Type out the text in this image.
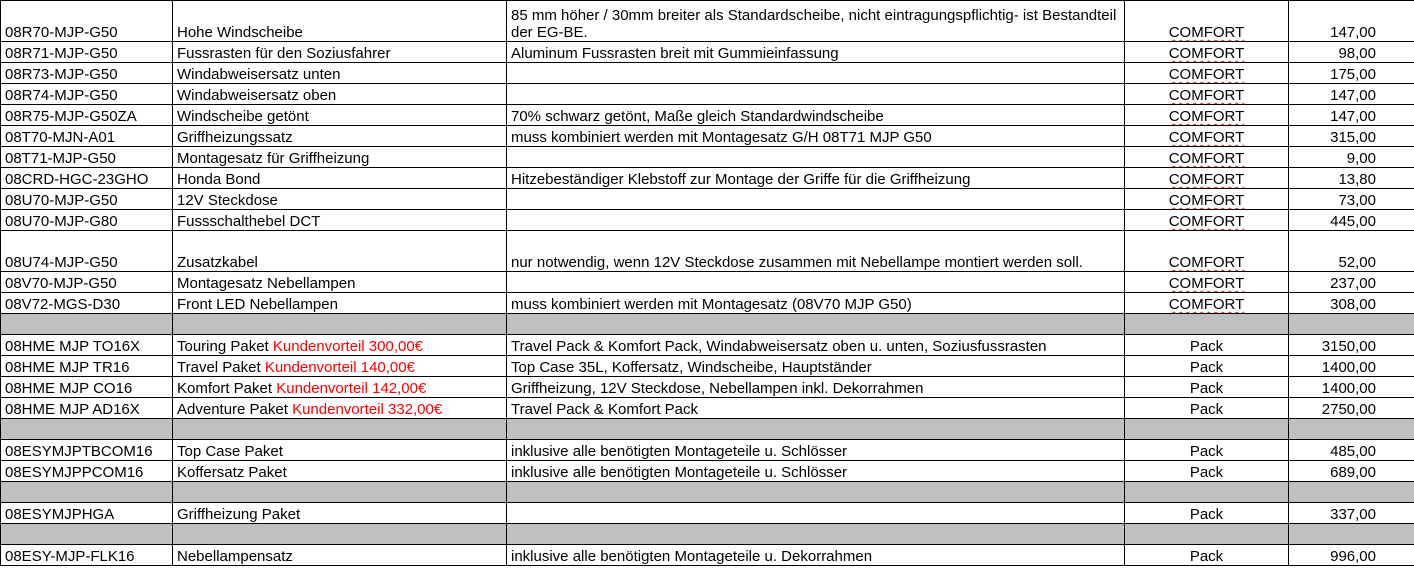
08R70-MJP-G50	Hohe Windscheibe	85 mm höher / 30mm breiter als Standardscheibe, nicht eintragungspflichtig- ist Bestandteil der EG-BE.	COMFORT	147,00
08R71-MJP-G50	Fussrasten für den Soziusfahrer	Aluminum Fussrasten breit mit Gummieinfassung	COMFORT	98,00
08R73-MJP-G50	Windabweisersatz unten		COMFORT	175,00
08R74-MJP-G50	Windabweisersatz oben		COMFORT	147,00
08R75-MJP-G50ZA	Windscheibe getönt	70% schwarz getönt, Maße gleich Standardwindscheibe	COMFORT	147,00
08T70-MJN-A01	Griffheizungssatz	muss kombiniert werden mit Montagesatz G/H 08T71 MJP G50	COMFORT	315,00
08T71-MJP-G50	Montagesatz für Griffheizung		COMFORT	9,00
08CRD-HGC-23GHO	Honda Bond	Hitzebeständiger Klebstoff zur Montage der Griffe für die Griffheizung	COMFORT	13,80
08U70-MJP-G50	12V Steckdose		COMFORT	73,00
08U70-MJP-G80	Fussschalthebel DCT		COMFORT	445,00
08U74-MJP-G50	Zusatzkabel	nur notwendig, wenn 12V Steckdose zusammen mit Nebellampe montiert werden soll.	COMFORT	52,00
08V70-MJP-G50	Montagesatz Nebellampen		COMFORT	237,00
08V72-MGS-D30	Front LED Nebellampen	muss kombiniert werden mit Montagesatz (08V70 MJP G50)	COMFORT	308,00

08HME MJP TO16X	Touring Paket Kundenvorteil 300,00€	Travel Pack & Komfort Pack, Windabweisersatz oben u. unten, Soziusfussrasten	Pack	3150,00
08HME MJP TR16	Travel Paket Kundenvorteil 140,00€	Top Case 35L, Koffersatz, Windscheibe, Hauptständer	Pack	1400,00
08HME MJP CO16	Komfort Paket Kundenvorteil 142,00€	Griffheizung, 12V Steckdose, Nebellampen inkl. Dekorrahmen	Pack	1400,00
08HME MJP AD16X	Adventure Paket Kundenvorteil 332,00€	Travel Pack & Komfort Pack	Pack	2750,00

08ESYMJPTBCOM16	Top Case Paket	inklusive alle benötigten Montageteile u. Schlösser	Pack	485,00
08ESYMJPPCOM16	Koffersatz Paket	inklusive alle benötigten Montageteile u. Schlösser	Pack	689,00

08ESYMJPHGA	Griffheizung Paket		Pack	337,00

08ESY-MJP-FLK16	Nebellampensatz	inklusive alle benötigten Montageteile u. Dekorrahmen	Pack	996,00
